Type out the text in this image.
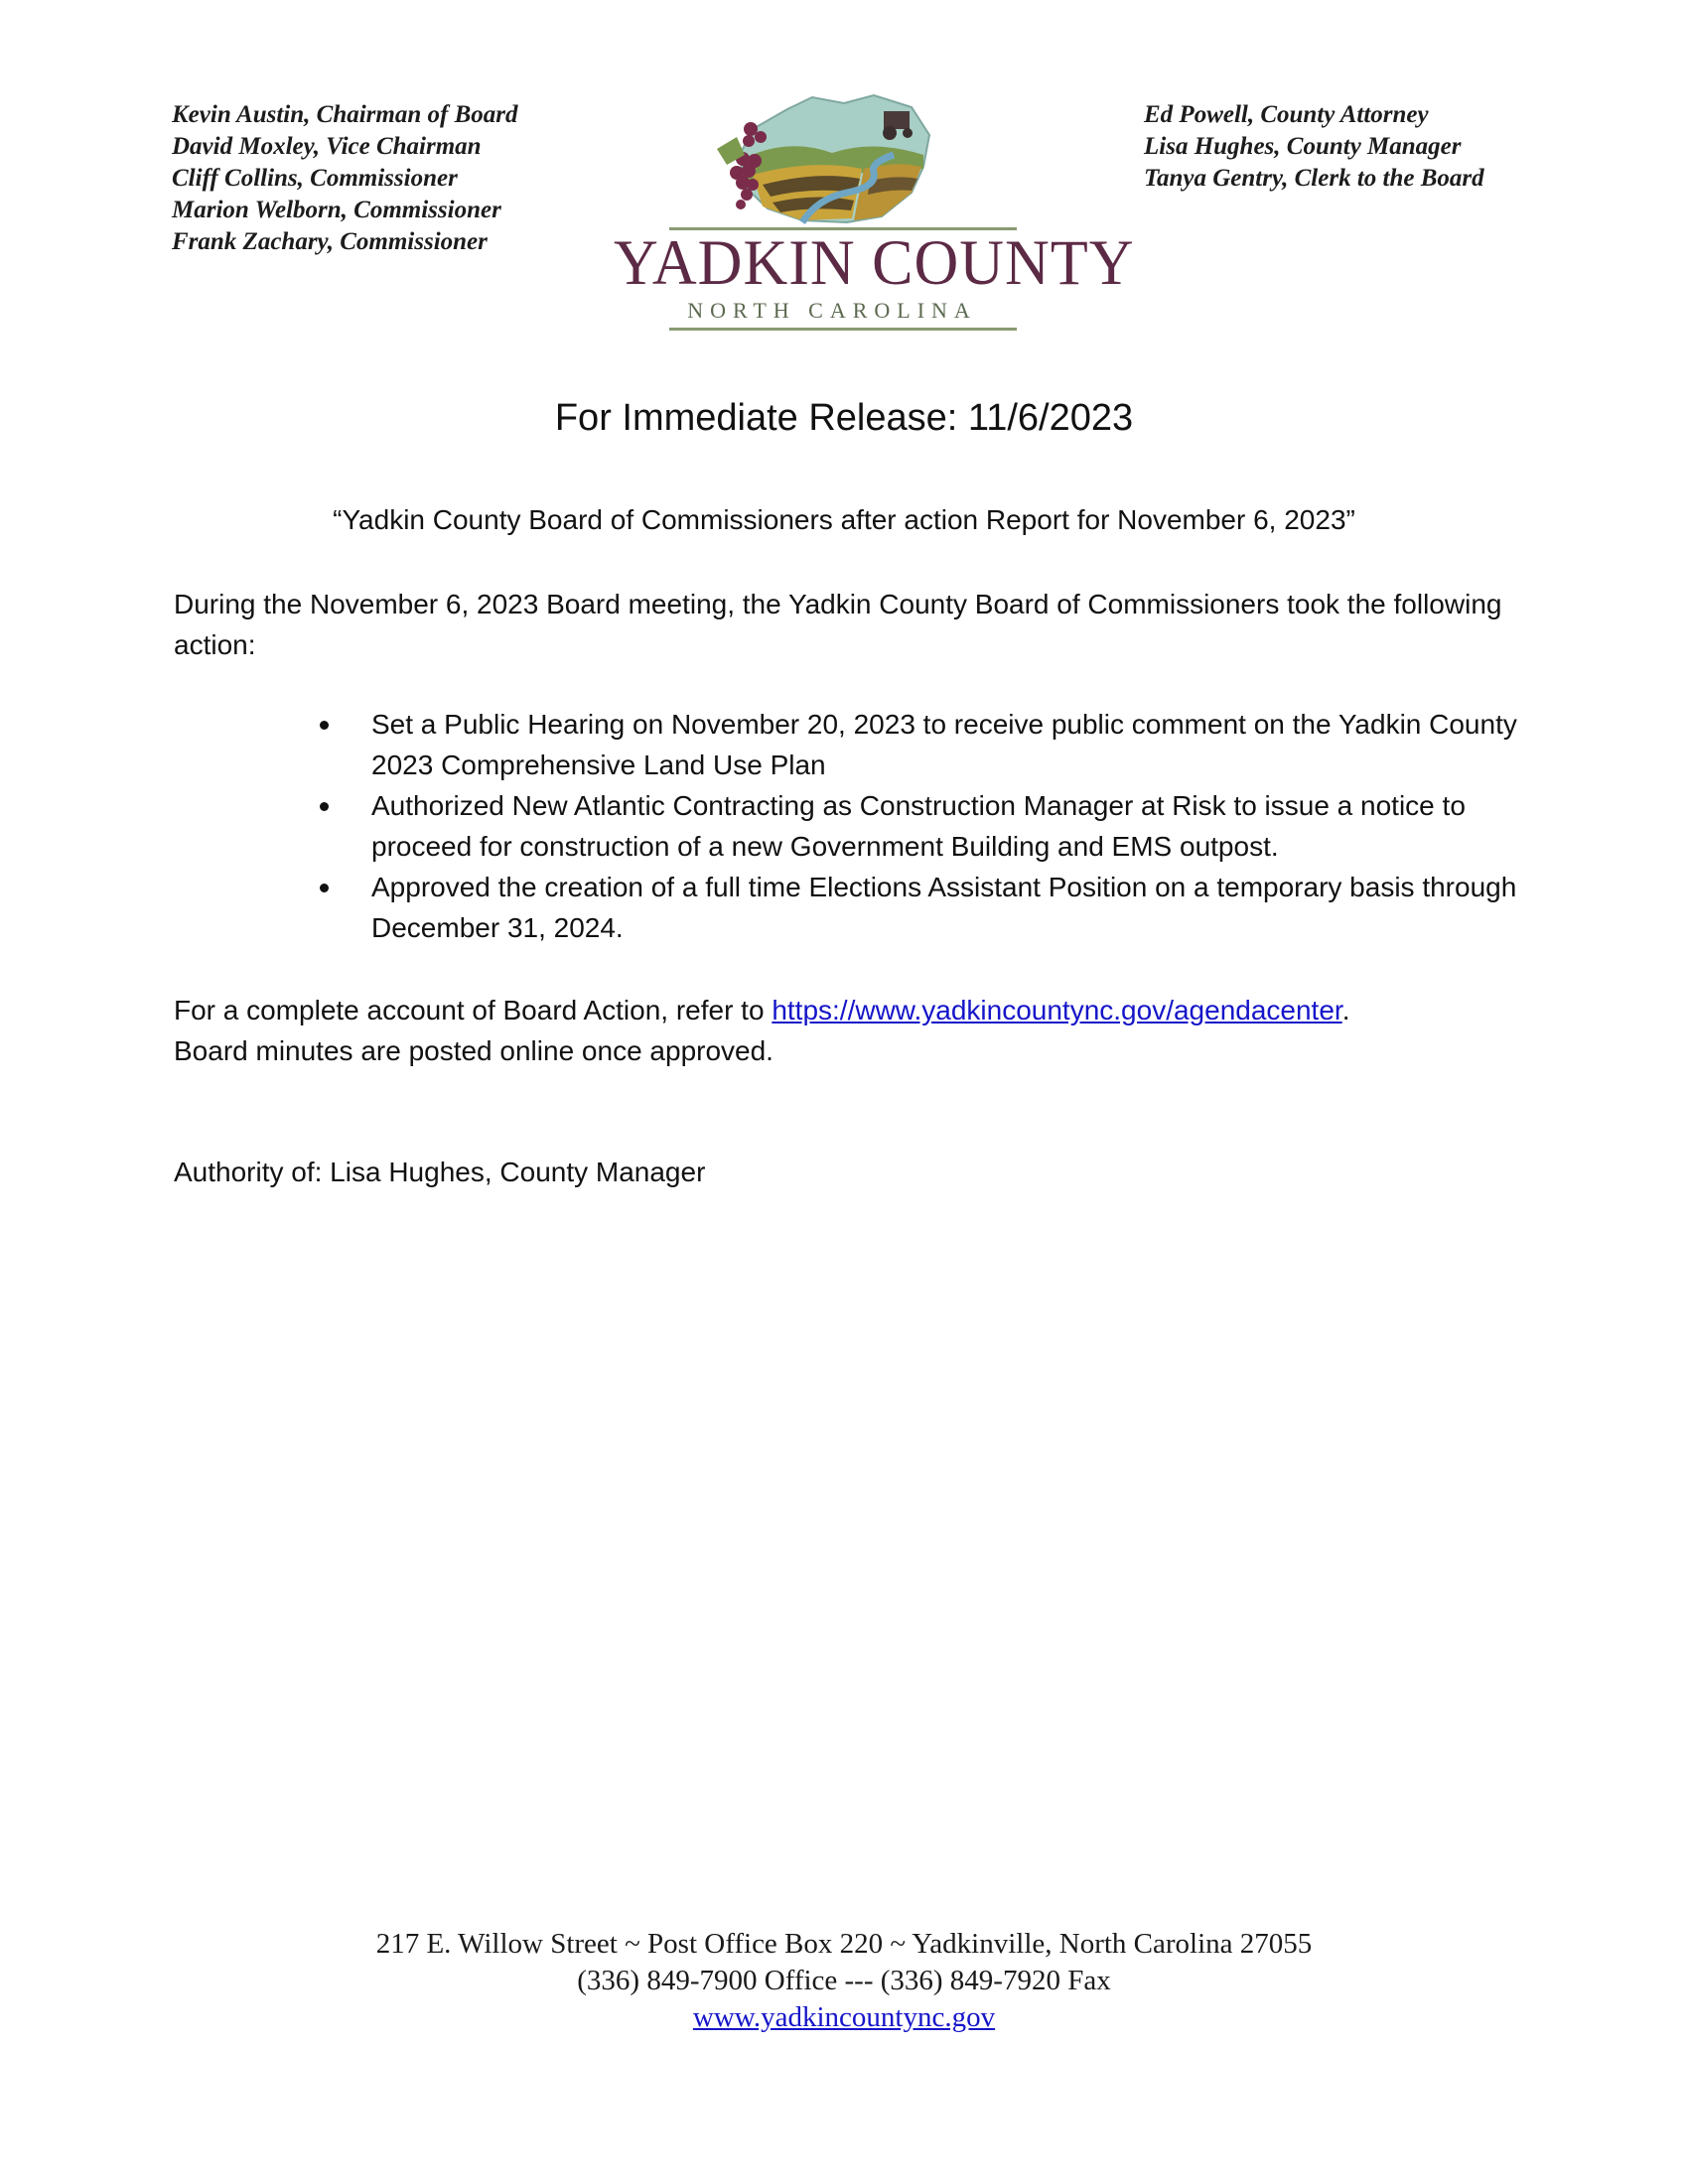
Kevin Austin, Chairman of Board
David Moxley, Vice Chairman
Cliff Collins, Commissioner
Marion Welborn, Commissioner
Frank Zachary, Commissioner	YADKIN COUNTY
NORTH CAROLINA
Ed Powell, County Attorney
Lisa Hughes, County Manager
Tanya Gentry, Clerk to the Board
For Immediate Release: 11/6/2023
“Yadkin County Board of Commissioners after action Report for November 6, 2023”
During the November 6, 2023 Board meeting, the Yadkin County Board of Commissioners took the following action:
Set a Public Hearing on November 20, 2023 to receive public comment on the Yadkin County 2023 Comprehensive Land Use Plan
Authorized New Atlantic Contracting as Construction Manager at Risk to issue a notice to proceed for construction of a new Government Building and EMS outpost.
Approved the creation of a full time Elections Assistant Position on a temporary basis through December 31, 2024.
For a complete account of Board Action, refer to https://www.yadkincountync.gov/agendacenter.
Board minutes are posted online once approved.
Authority of: Lisa Hughes, County Manager
217 E. Willow Street ~ Post Office Box 220 ~ Yadkinville, North Carolina 27055
(336) 849-7900 Office --- (336) 849-7920 Fax
www.yadkincountync.gov
